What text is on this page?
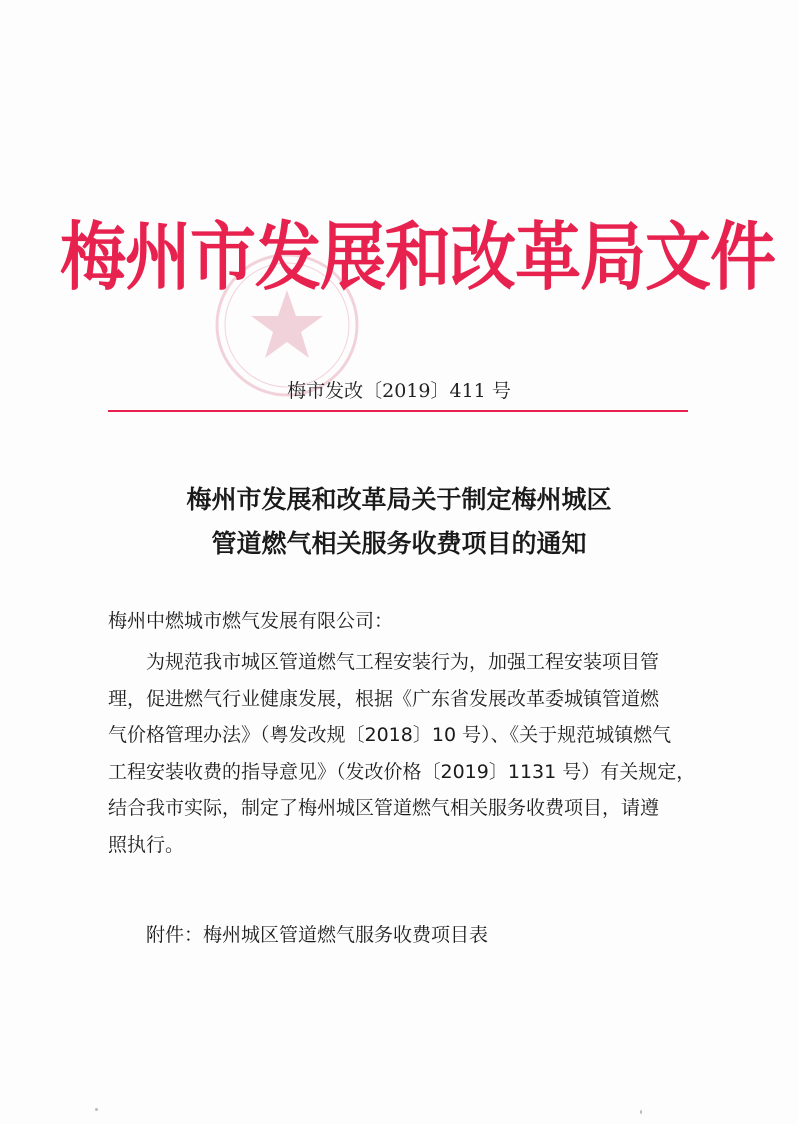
梅州市发展和改革局文件
梅市发改〔2019〕411 号
梅州市发展和改革局关于制定梅州城区
管道燃气相关服务收费项目的通知
梅州中燃城市燃气发展有限公司：
为规范我市城区管道燃气工程安装行为，加强工程安装项目管
理，促进燃气行业健康发展，根据《广东省发展改革委城镇管道燃
气价格管理办法》（粤发改规〔2018〕10 号）、《关于规范城镇燃气
工程安装收费的指导意见》（发改价格〔2019〕1131 号）有关规定，
结合我市实际，制定了梅州城区管道燃气相关服务收费项目，请遵
照执行。
附件：梅州城区管道燃气服务收费项目表
